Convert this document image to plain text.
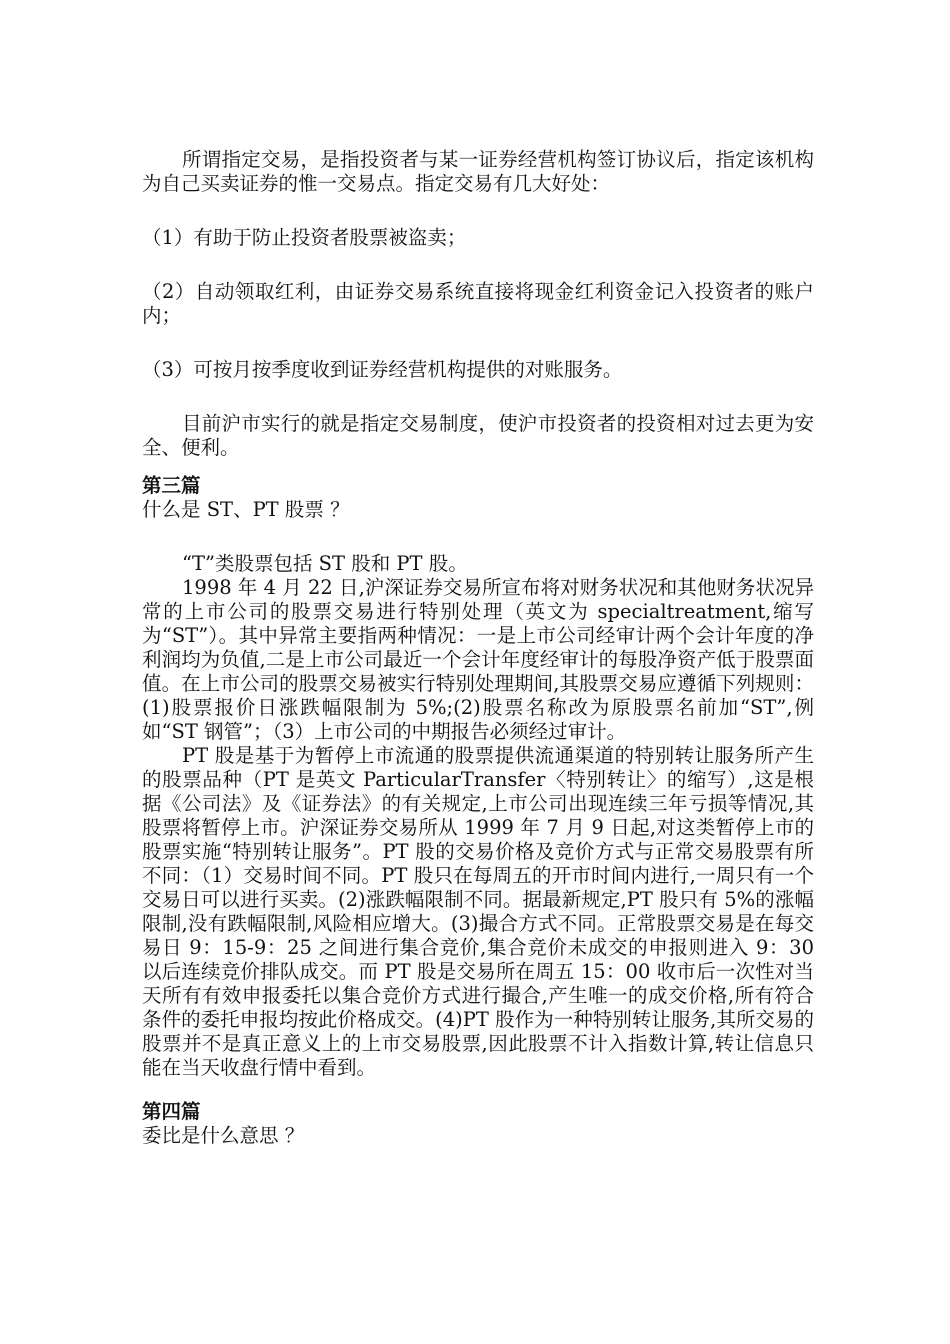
所谓指定交易，是指投资者与某一证券经营机构签订协议后，指定该机构为自己买卖证券的惟一交易点。指定交易有几大好处：

（1）有助于防止投资者股票被盗卖；

（2）自动领取红利，由证券交易系统直接将现金红利资金记入投资者的账户内；

（3）可按月按季度收到证券经营机构提供的对账服务。

目前沪市实行的就是指定交易制度，使沪市投资者的投资相对过去更为安全、便利。

第三篇

什么是 ST、PT 股票 ？

“T”类股票包括 ST 股和 PT 股。

1998 年 4 月 22 日,沪深证券交易所宣布将对财务状况和其他财务状况异常的上市公司的股票交易进行特别处理（英文为 specialtreatment,缩写为“ST”）。其中异常主要指两种情况：一是上市公司经审计两个会计年度的净利润均为负值,二是上市公司最近一个会计年度经审计的每股净资产低于股票面值。在上市公司的股票交易被实行特别处理期间,其股票交易应遵循下列规则：(1)股票报价日涨跌幅限制为 5%;(2)股票名称改为原股票名前加“ST”,例如“ST 钢管”；（3）上市公司的中期报告必须经过审计。

PT 股是基于为暂停上市流通的股票提供流通渠道的特别转让服务所产生的股票品种（PT 是英文 ParticularTransfer〈特别转让〉的缩写）,这是根据《公司法》及《证券法》的有关规定,上市公司出现连续三年亏损等情况,其股票将暂停上市。沪深证券交易所从 1999 年 7 月 9 日起,对这类暂停上市的股票实施“特别转让服务”。PT 股的交易价格及竞价方式与正常交易股票有所不同：（1）交易时间不同。PT 股只在每周五的开市时间内进行,一周只有一个交易日可以进行买卖。(2)涨跌幅限制不同。据最新规定,PT 股只有 5%的涨幅限制,没有跌幅限制,风险相应增大。(3)撮合方式不同。正常股票交易是在每交易日 9：15-9：25 之间进行集合竞价,集合竞价未成交的申报则进入 9：30 以后连续竞价排队成交。而 PT 股是交易所在周五 15：00 收市后一次性对当天所有有效申报委托以集合竞价方式进行撮合,产生唯一的成交价格,所有符合条件的委托申报均按此价格成交。(4)PT 股作为一种特别转让服务,其所交易的股票并不是真正意义上的上市交易股票,因此股票不计入指数计算,转让信息只能在当天收盘行情中看到。

第四篇

委比是什么意思 ？
